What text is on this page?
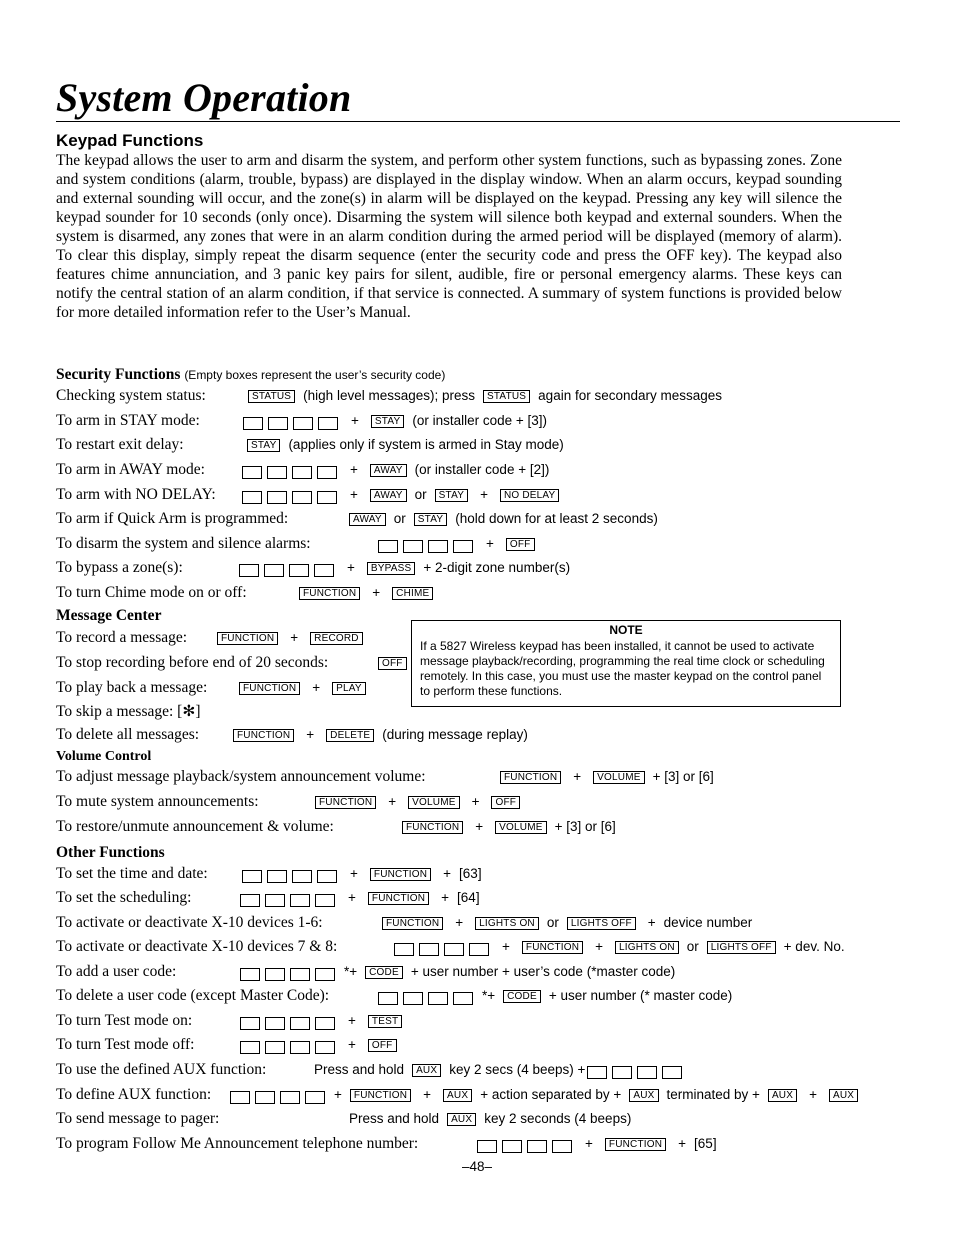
System Operation
Keypad Functions

The keypad allows the user to arm and disarm the system, and perform other system functions, such as bypassing zones. Zone and system conditions (alarm, trouble, bypass) are displayed in the display window. When an alarm occurs, keypad sounding and external sounding will occur, and the zone(s) in alarm will be displayed on the keypad. Pressing any key will silence the keypad sounder for 10 seconds (only once). Disarming the system will silence both keypad and external sounders. When the system is disarmed, any zones that were in an alarm condition during the armed period will be displayed (memory of alarm). To clear this display, simply repeat the disarm sequence (enter the security code and press the OFF key). The keypad also features chime annunciation, and 3 panic key pairs for silent, audible, fire or personal emergency alarms. These keys can notify the central station of an alarm condition, if that service is connected. A summary of system functions is provided below for more detailed information refer to the User’s Manual.

Security Functions (Empty boxes represent the user’s security code)
Checking system status:	STATUS (high level messages); press	STATUS again for secondary messages
To arm in STAY mode:	+	STAY (or installer code + [3])
To restart exit delay:	STAY (applies only if system is armed in Stay mode)
To arm in AWAY mode:	+	AWAY (or installer code + [2])
To arm with NO DELAY:	+	AWAY or	STAY +	NO DELAY
To arm if Quick Arm is programmed:	AWAY or	STAY (hold down for at least 2 seconds)
To disarm the system and silence alarms:	+	OFF
To bypass a zone(s):	+	BYPASS + 2-digit zone number(s)
To turn Chime mode on or off:	FUNCTION +	CHIME
Message Center
To record a message:	FUNCTION +	RECORD
To stop recording before end of 20 seconds:	OFF
To play back a message:	FUNCTION +	PLAY
To skip a message: [✻]
To delete all messages:	FUNCTION +	DELETE (during message replay)

NOTE

If a 5827 Wireless keypad has been installed, it cannot be used to activate message playback/recording, programming the real time clock or scheduling remotely. In this case, you must use the master keypad on the control panel to perform these functions.

Volume Control
To adjust message playback/system announcement volume:	FUNCTION +	VOLUME + [3] or [6]
To mute system announcements:	FUNCTION +	VOLUME +	OFF
To restore/unmute announcement & volume:	FUNCTION +	VOLUME + [3] or [6]
Other Functions
To set the time and date:	+	FUNCTION + [63]
To set the scheduling:	+	FUNCTION + [64]
To activate or deactivate X-10 devices 1-6:	FUNCTION +	LIGHTS ON or	LIGHTS OFF + device number
To activate or deactivate X-10 devices 7 & 8:	+	FUNCTION +	LIGHTS ON or	LIGHTS OFF + dev. No.
To add a user code:	*+	CODE + user number + user’s code (*master code)
To delete a user code (except Master Code):	*+	CODE + user number (* master code)
To turn Test mode on:	+	TEST
To turn Test mode off:	+	OFF
To use the defined AUX function:	Press and hold	AUX key 2 secs (4 beeps) +
To define AUX function:	+	FUNCTION +	AUX + action separated by +	AUX terminated by +	AUX +	AUX
To send message to pager:	Press and hold	AUX key 2 seconds (4 beeps)
To program Follow Me Announcement telephone number:	+	FUNCTION + [65]
–48–
